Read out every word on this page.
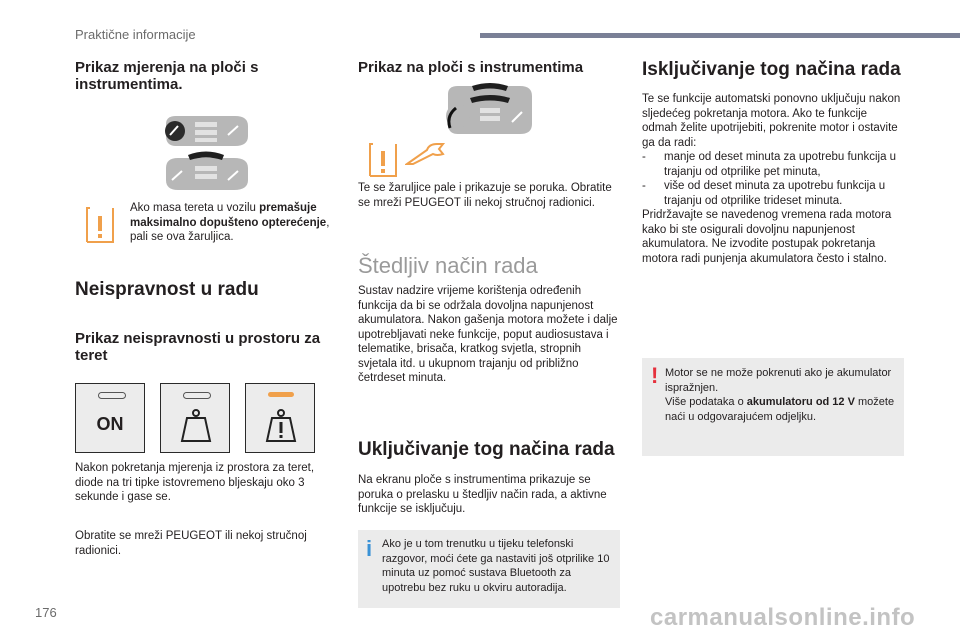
Praktične informacije
Prikaz mjerenja na ploči s instrumentima.

Ako masa tereta u vozilu premašuje maksimalno dopušteno opterećenje, pali se ova žaruljica.

Neispravnost u radu
Prikaz neispravnosti u prostoru za teret
ON

Nakon pokretanja mjerenja iz prostora za teret, diode na tri tipke istovremeno bljeskaju oko 3 sekunde i gase se.

Obratite se mreži PEUGEOT ili nekoj stručnoj radionici.

Prikaz na ploči s instrumentima

Te se žaruljice pale i prikazuje se poruka. Obratite se mreži PEUGEOT ili nekoj stručnoj radionici.

Štedljiv način rada

Sustav nadzire vrijeme korištenja određenih funkcija da bi se održala dovoljna napunjenost akumulatora. Nakon gašenja motora možete i dalje upotrebljavati neke funkcije, poput audiosustava i telematike, brisača, kratkog svjetla, stropnih svjetala itd. u ukupnom trajanju od približno četrdeset minuta.

Uključivanje tog načina rada

Na ekranu ploče s instrumentima prikazuje se poruka o prelasku u štedljiv način rada, a aktivne funkcije se isključuju.

i Ako je u tom trenutku u tijeku telefonski razgovor, moći ćete ga nastaviti još otprilike 10 minuta uz pomoć sustava Bluetooth za upotrebu bez ruku u okviru autoradija.

Isključivanje tog načina rada

Te se funkcije automatski ponovno uključuju nakon sljedećeg pokretanja motora. Ako te funkcije odmah želite upotrijebiti, pokrenite motor i ostavite ga da radi:

- manje od deset minuta za upotrebu funkcija u trajanju od otprilike pet minuta,

- više od deset minuta za upotrebu funkcija u trajanju od otprilike trideset minuta.

Pridržavajte se navedenog vremena rada motora kako bi ste osigurali dovoljnu napunjenost akumulatora. Ne izvodite postupak pokretanja motora radi punjenja akumulatora često i stalno.

! Motor se ne može pokrenuti ako je akumulator ispražnjen.
Više podataka o akumulatoru od 12 V možete naći u odgovarajućem odjeljku.

176	carmanualsonline.info
